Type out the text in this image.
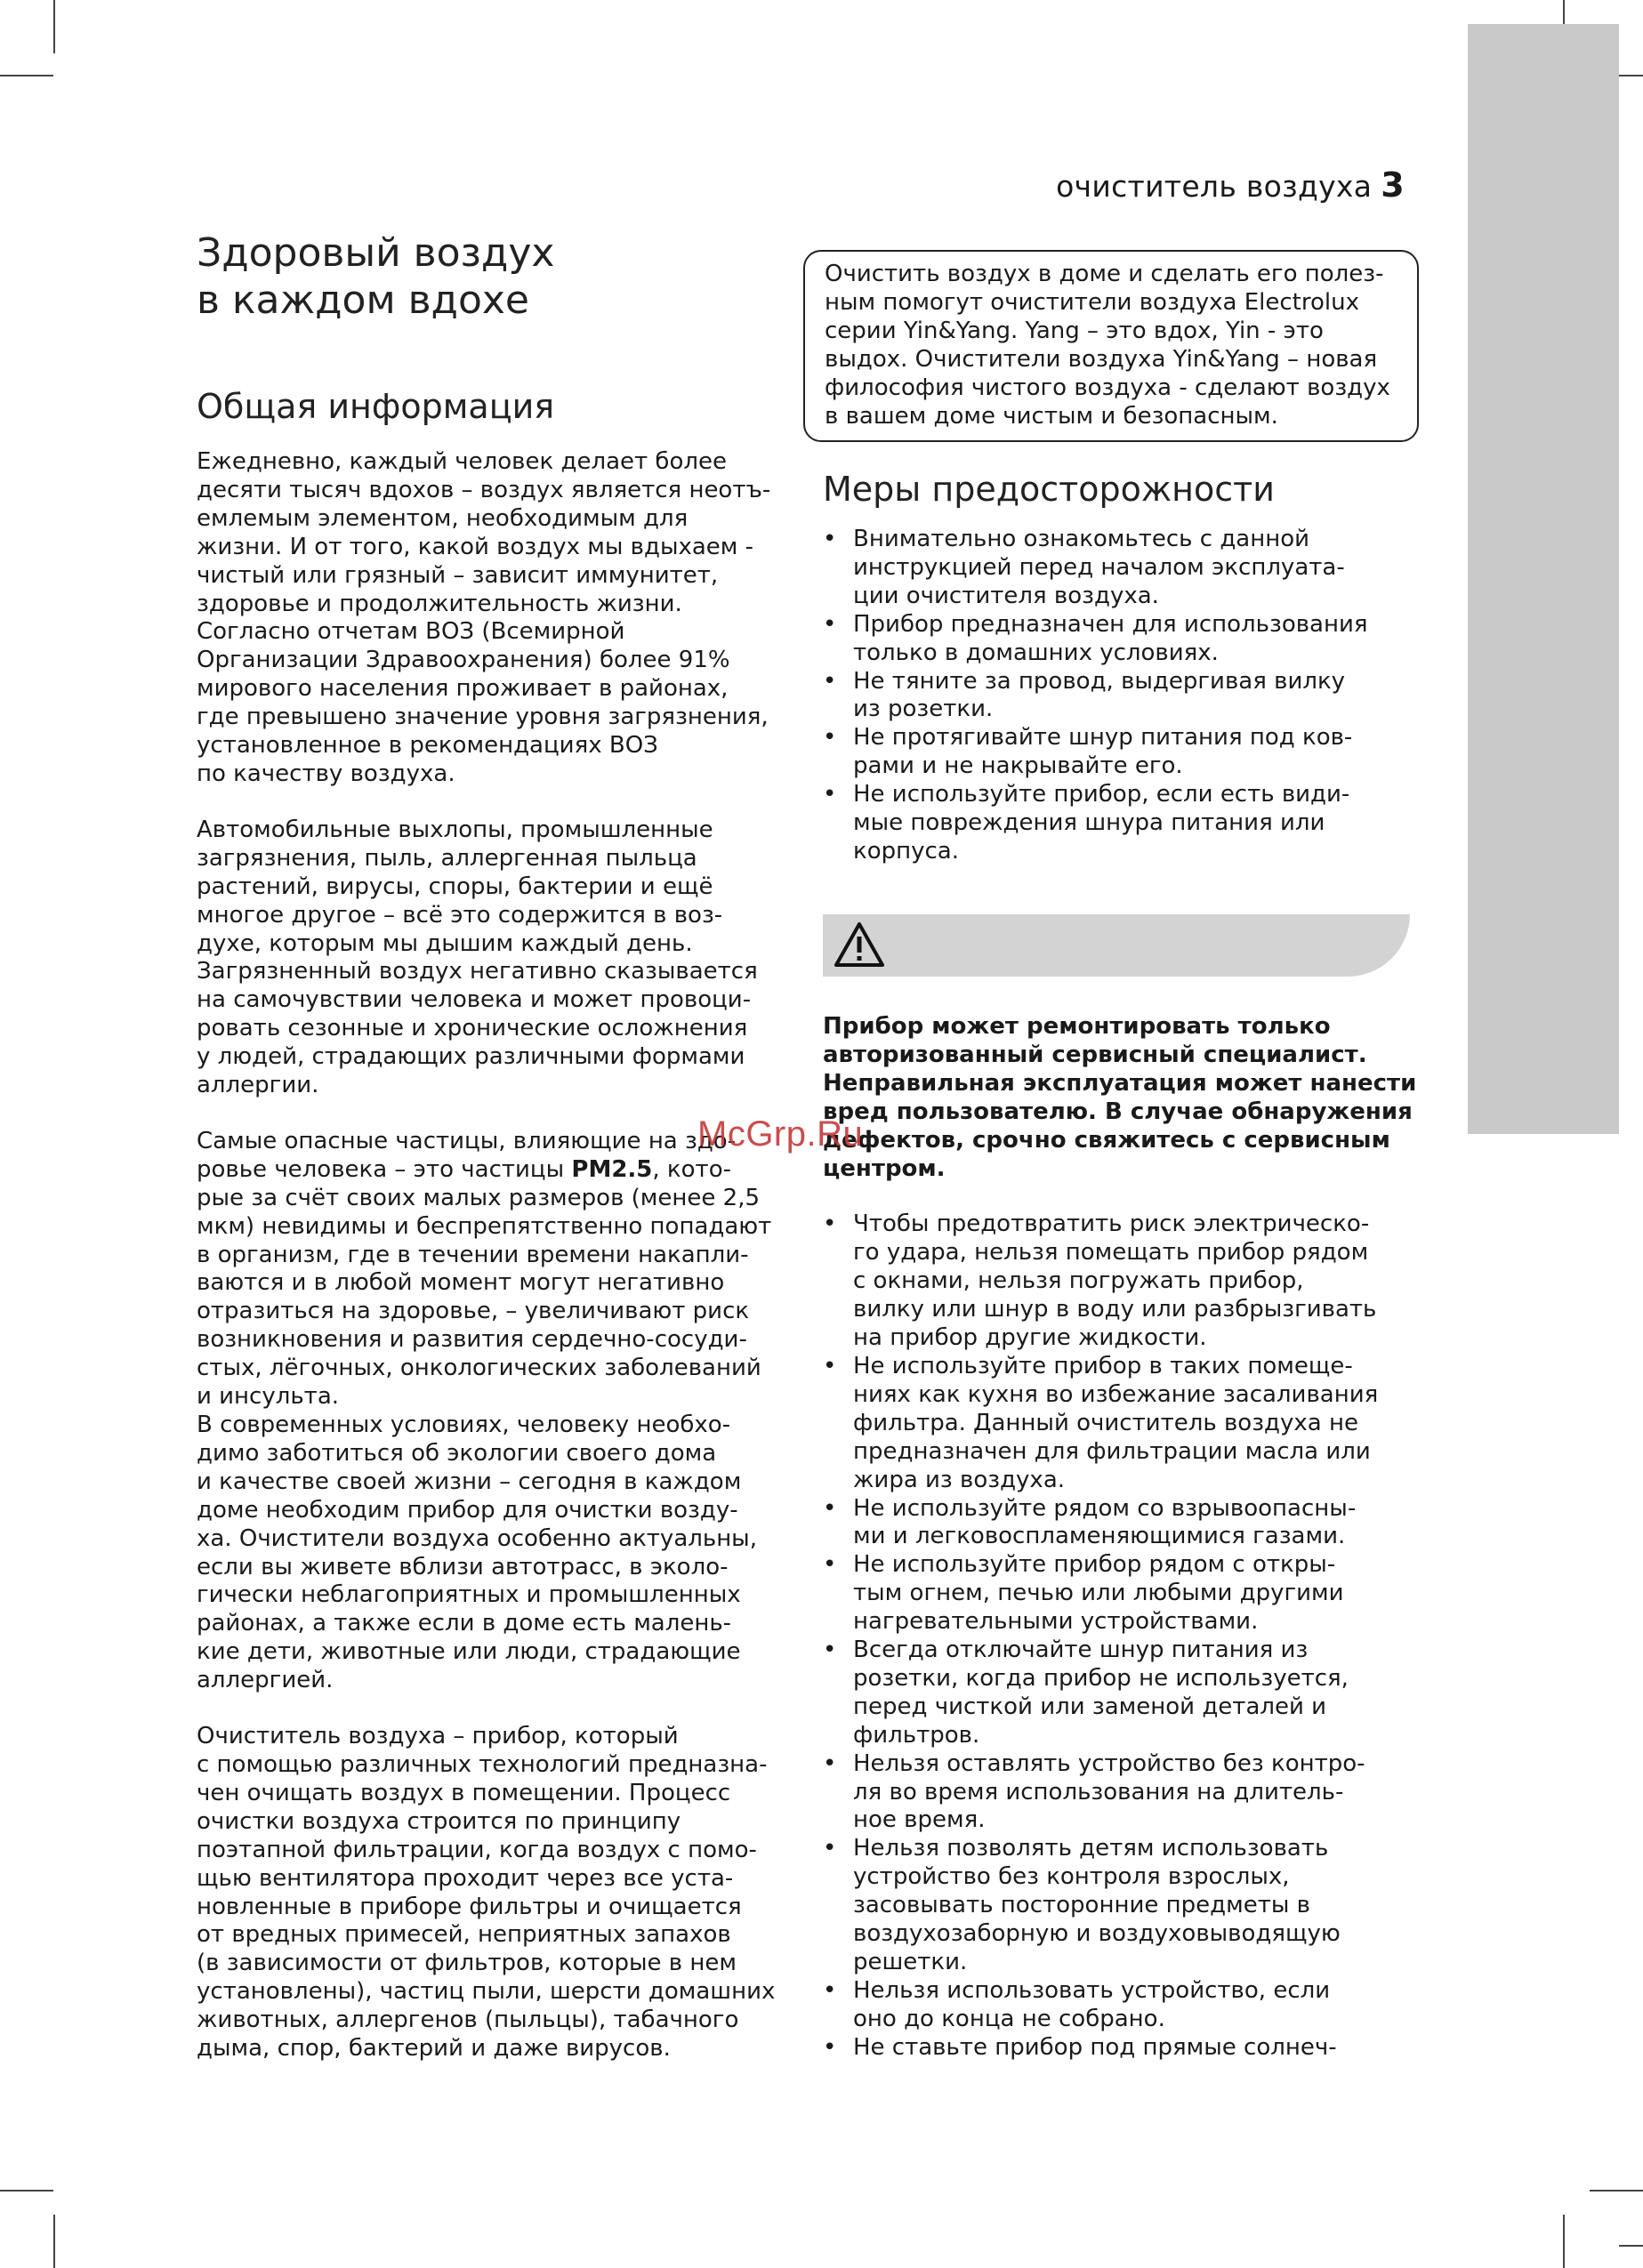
очиститель воздуха 3
Здоровый воздух
в каждом вдохе
Общая информация

Ежедневно, каждый человек делает более
десяти тысяч вдохов – воздух является неотъ-
емлемым элементом, необходимым для
жизни. И от того, какой воздух мы вдыхаем -
чистый или грязный – зависит иммунитет,
здоровье и продолжительность жизни.
Согласно отчетам ВОЗ (Всемирной
Организации Здравоохранения) более 91%
мирового населения проживает в районах,
где превышено значение уровня загрязнения,
установленное в рекомендациях ВОЗ
по качеству воздуха.

Автомобильные выхлопы, промышленные
загрязнения, пыль, аллергенная пыльца
растений, вирусы, споры, бактерии и ещё
многое другое – всё это содержится в воз-
духе, которым мы дышим каждый день.
Загрязненный воздух негативно сказывается
на самочувствии человека и может провоци-
ровать сезонные и хронические осложнения
у людей, страдающих различными формами
аллергии.

Самые опасные частицы, влияющие на здо-
ровье человека – это частицы PM2.5, кото-
рые за счёт своих малых размеров (менее 2,5
мкм) невидимы и беспрепятственно попадают
в организм, где в течении времени накапли-
ваются и в любой момент могут негативно
отразиться на здоровье, – увеличивают риск
возникновения и развития сердечно-сосуди-
стых, лёгочных, онкологических заболеваний
и инсульта.

В современных условиях, человеку необхо-
димо заботиться об экологии своего дома
и качестве своей жизни – сегодня в каждом
доме необходим прибор для очистки возду-
ха. Очистители воздуха особенно актуальны,
если вы живете вблизи автотрасс, в эколо-
гически неблагоприятных и промышленных
районах, а также если в доме есть малень-
кие дети, животные или люди, страдающие
аллергией.

Очиститель воздуха – прибор, который
с помощью различных технологий предназна-
чен очищать воздух в помещении. Процесс
очистки воздуха строится по принципу
поэтапной фильтрации, когда воздух с помо-
щью вентилятора проходит через все уста-
новленные в приборе фильтры и очищается
от вредных примесей, неприятных запахов
(в зависимости от фильтров, которые в нем
установлены), частиц пыли, шерсти домашних
животных, аллергенов (пыльцы), табачного
дыма, спор, бактерий и даже вирусов.

Очистить воздух в доме и сделать его полез-
ным помогут очистители воздуха Electrolux
серии Yin&Yang. Yang – это вдох, Yin - это
выдох. Очистители воздуха Yin&Yang – новая
философия чистого воздуха - сделают воздух
в вашем доме чистым и безопасным.

Меры предосторожности
• Внимательно ознакомьтесь с данной
инструкцией перед началом эксплуата-
ции очистителя воздуха.
• Прибор предназначен для использования
только в домашних условиях.
• Не тяните за провод, выдергивая вилку
из розетки.
• Не протягивайте шнур питания под ков-
рами и не накрывайте его.
• Не используйте прибор, если есть види-
мые повреждения шнура питания или
корпуса.

Прибор может ремонтировать только
авторизованный сервисный специалист.
Неправильная эксплуатация может нанести
вред пользователю. В случае обнаружения
дефектов, срочно свяжитесь с сервисным
центром.

• Чтобы предотвратить риск электрическо-
го удара, нельзя помещать прибор рядом
с окнами, нельзя погружать прибор,
вилку или шнур в воду или разбрызгивать
на прибор другие жидкости.
• Не используйте прибор в таких помеще-
ниях как кухня во избежание засаливания
фильтра. Данный очиститель воздуха не
предназначен для фильтрации масла или
жира из воздуха.
• Не используйте рядом со взрывоопасны-
ми и легковоспламеняющимися газами.
• Не используйте прибор рядом с откры-
тым огнем, печью или любыми другими
нагревательными устройствами.
• Всегда отключайте шнур питания из
розетки, когда прибор не используется,
перед чисткой или заменой деталей и
фильтров.
• Нельзя оставлять устройство без контро-
ля во время использования на длитель-
ное время.
• Нельзя позволять детям использовать
устройство без контроля взрослых,
засовывать посторонние предметы в
воздухозаборную и воздуховыводящую
решетки.
• Нельзя использовать устройство, если
оно до конца не собрано.
• Не ставьте прибор под прямые солнеч-
McGrp.Ru
